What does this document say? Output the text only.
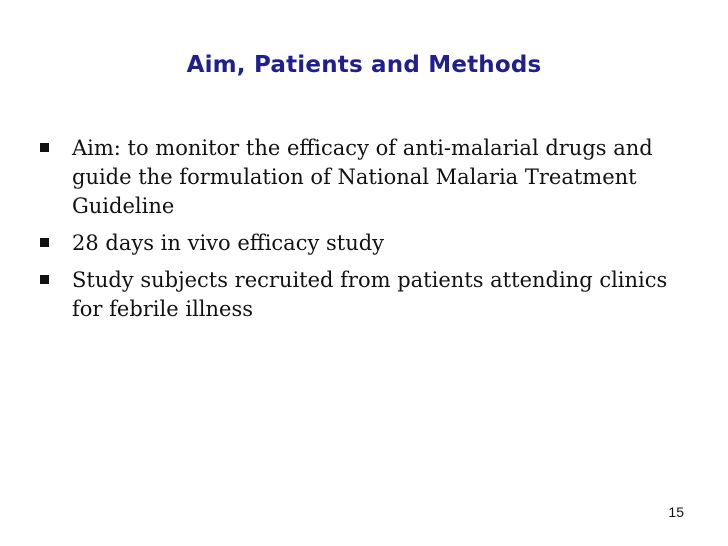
Aim, Patients and Methods
Aim: to monitor the efficacy of anti-malarial drugs and guide the formulation of National Malaria Treatment Guideline
28 days in vivo efficacy study
Study subjects recruited from patients attending clinics for febrile illness
15
